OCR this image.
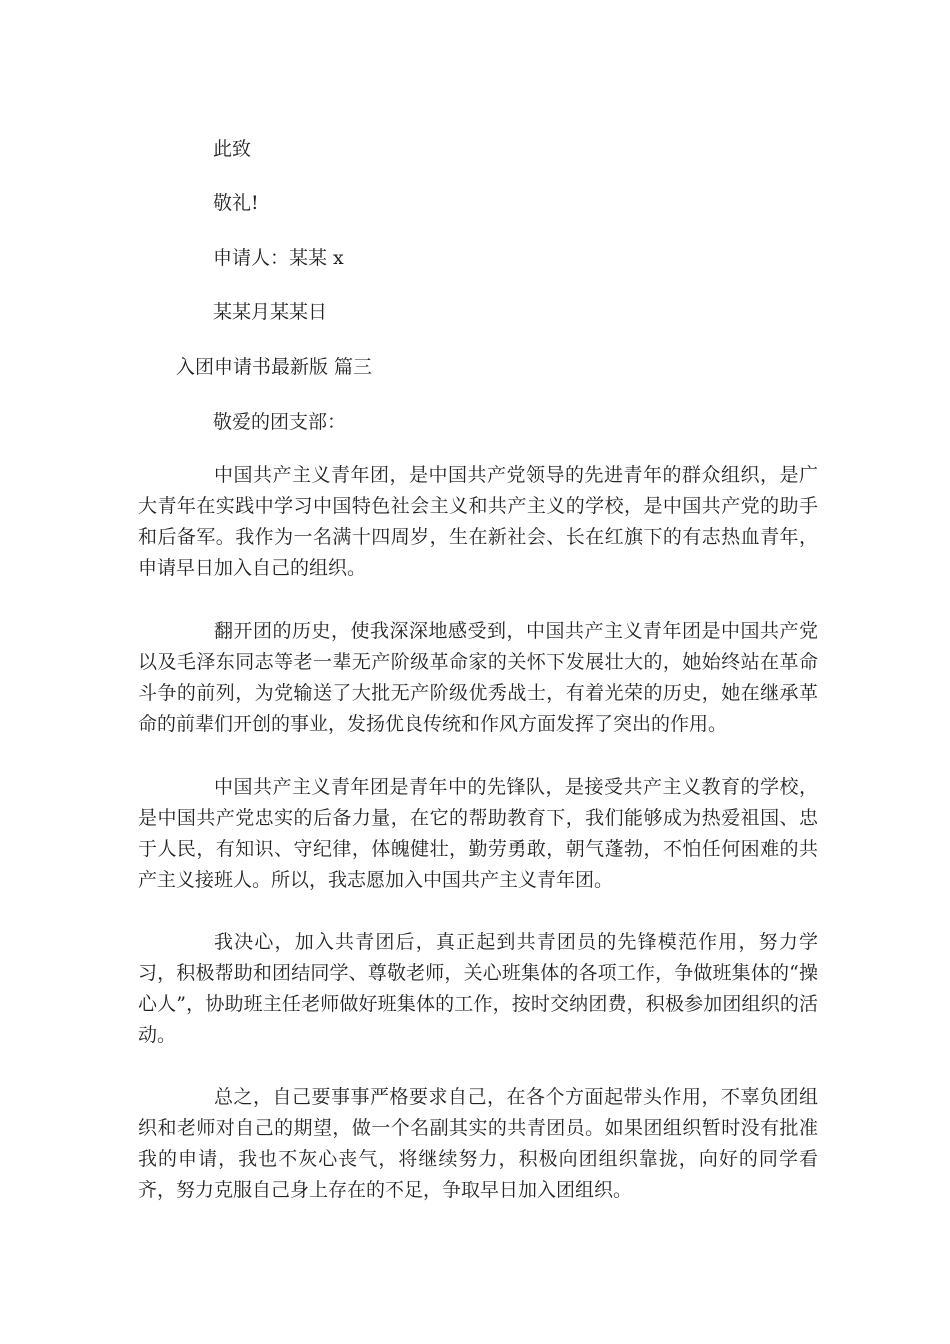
此致
敬礼!
申请人：某某 x
某某月某某日
入团申请书最新版 篇三
敬爱的团支部：
中国共产主义青年团，是中国共产党领导的先进青年的群众组织，是广大青年在实践中学习中国特色社会主义和共产主义的学校，是中国共产党的助手和后备军。我作为一名满十四周岁，生在新社会、长在红旗下的有志热血青年，申请早日加入自己的组织。
翻开团的历史，使我深深地感受到，中国共产主义青年团是中国共产党以及毛泽东同志等老一辈无产阶级革命家的关怀下发展壮大的，她始终站在革命斗争的前列，为党输送了大批无产阶级优秀战士，有着光荣的历史，她在继承革命的前辈们开创的事业，发扬优良传统和作风方面发挥了突出的作用。
中国共产主义青年团是青年中的先锋队，是接受共产主义教育的学校，是中国共产党忠实的后备力量，在它的帮助教育下，我们能够成为热爱祖国、忠于人民，有知识、守纪律，体魄健壮，勤劳勇敢，朝气蓬勃，不怕任何困难的共产主义接班人。所以，我志愿加入中国共产主义青年团。
我决心，加入共青团后，真正起到共青团员的先锋模范作用，努力学习，积极帮助和团结同学、尊敬老师，关心班集体的各项工作，争做班集体的“操心人”，协助班主任老师做好班集体的工作，按时交纳团费，积极参加团组织的活动。
总之，自己要事事严格要求自己，在各个方面起带头作用，不辜负团组织和老师对自己的期望，做一个名副其实的共青团员。如果团组织暂时没有批准我的申请，我也不灰心丧气，将继续努力，积极向团组织靠拢，向好的同学看齐，努力克服自己身上存在的不足，争取早日加入团组织。
